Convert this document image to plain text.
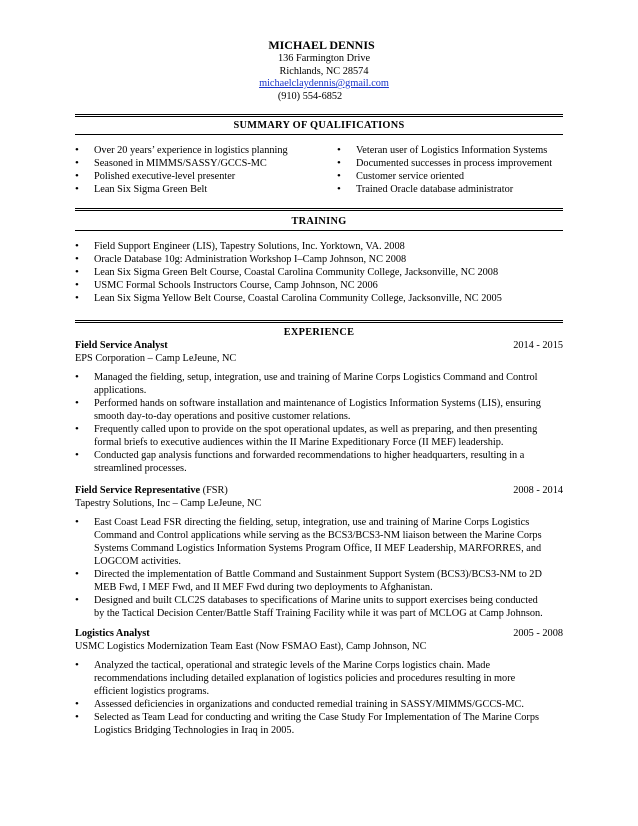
MICHAEL DENNIS
136 Farmington Drive
Richlands, NC 28574
michaelclaydennis@gmail.com
(910) 554-6852
SUMMARY OF QUALIFICATIONS
• Over 20 years’ experience in logistics planning
• Seasoned in MIMMS/SASSY/GCCS-MC
• Polished executive-level presenter
• Lean Six Sigma Green Belt
• Veteran user of Logistics Information Systems
• Documented successes in process improvement
• Customer service oriented
• Trained Oracle database administrator
TRAINING
• Field Support Engineer (LIS), Tapestry Solutions, Inc. Yorktown, VA. 2008
• Oracle Database 10g: Administration Workshop I–Camp Johnson, NC 2008
• Lean Six Sigma Green Belt Course, Coastal Carolina Community College, Jacksonville, NC 2008
• USMC Formal Schools Instructors Course, Camp Johnson, NC 2006
• Lean Six Sigma Yellow Belt Course, Coastal Carolina Community College, Jacksonville, NC 2005
EXPERIENCE
Field Service Analyst	2014 - 2015
EPS Corporation – Camp LeJeune, NC
• Managed the fielding, setup, integration, use and training of Marine Corps Logistics Command and Control applications.
• Performed hands on software installation and maintenance of Logistics Information Systems (LIS), ensuring smooth day-to-day operations and positive customer relations.
• Frequently called upon to provide on the spot operational updates, as well as preparing, and then presenting formal briefs to executive audiences within the II Marine Expeditionary Force (II MEF) leadership.
• Conducted gap analysis functions and forwarded recommendations to higher headquarters, resulting in a streamlined processes.
Field Service Representative (FSR)	2008 - 2014
Tapestry Solutions, Inc – Camp LeJeune, NC
• East Coast Lead FSR directing the fielding, setup, integration, use and training of Marine Corps Logistics Command and Control applications while serving as the BCS3/BCS3-NM liaison between the Marine Corps Systems Command Logistics Information Systems Program Office, II MEF Leadership, MARFORRES, and LOGCOM activities.
• Directed the implementation of Battle Command and Sustainment Support System (BCS3)/BCS3-NM to 2D MEB Fwd, I MEF Fwd, and II MEF Fwd during two deployments to Afghanistan.
• Designed and built CLC2S databases to specifications of Marine units to support exercises being conducted by the Tactical Decision Center/Battle Staff Training Facility while it was part of MCLOG at Camp Johnson.
Logistics Analyst	2005 - 2008
USMC Logistics Modernization Team East (Now FSMAO East), Camp Johnson, NC
• Analyzed the tactical, operational and strategic levels of the Marine Corps logistics chain. Made recommendations including detailed explanation of logistics policies and procedures resulting in more efficient logistics programs.
• Assessed deficiencies in organizations and conducted remedial training in SASSY/MIMMS/GCCS-MC.
• Selected as Team Lead for conducting and writing the Case Study For Implementation of The Marine Corps Logistics Bridging Technologies in Iraq in 2005.
